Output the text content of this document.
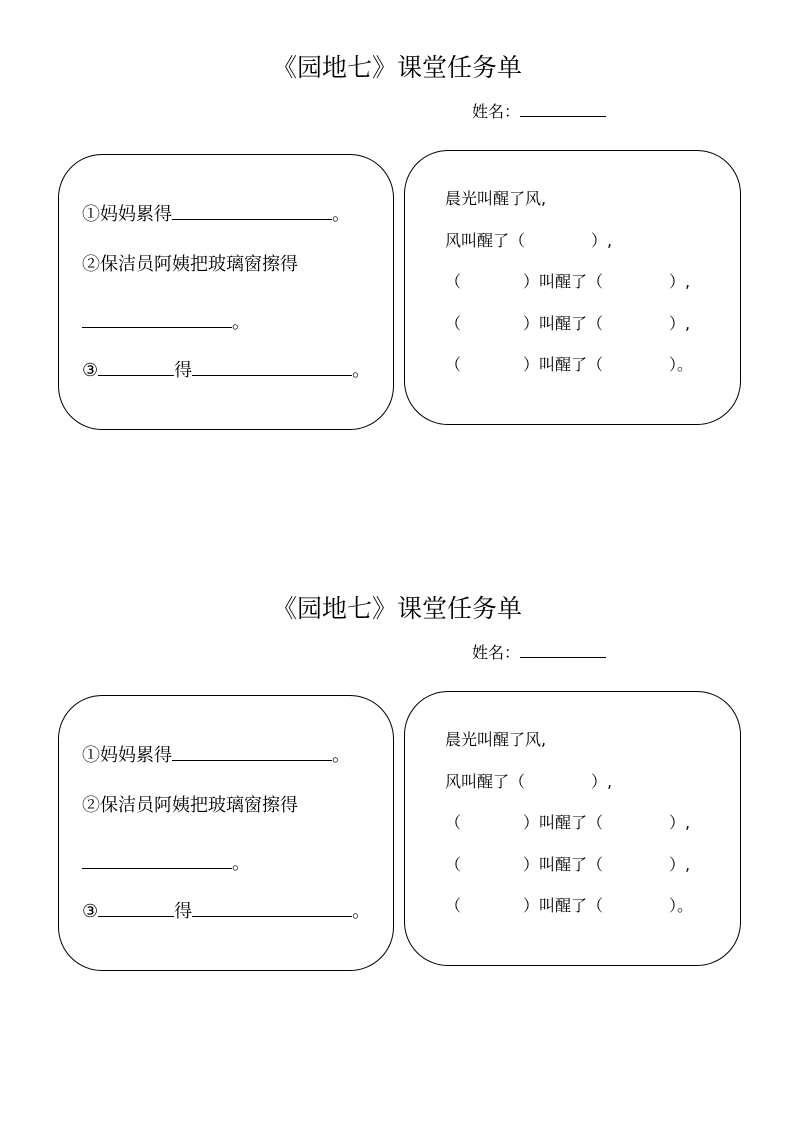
《园地七》课堂任务单
姓名：
①妈妈累得	。
②保洁员阿姨把玻璃窗擦得
。
③	得	。
晨光叫醒了风,
风叫醒了（	）,
（	）叫醒了（	）,
（	）叫醒了（	）,
（	）叫醒了（	）。
《园地七》课堂任务单
姓名：
①妈妈累得	。
②保洁员阿姨把玻璃窗擦得
。
③	得	。
晨光叫醒了风,
风叫醒了（	）,
（	）叫醒了（	）,
（	）叫醒了（	）,
（	）叫醒了（	）。
